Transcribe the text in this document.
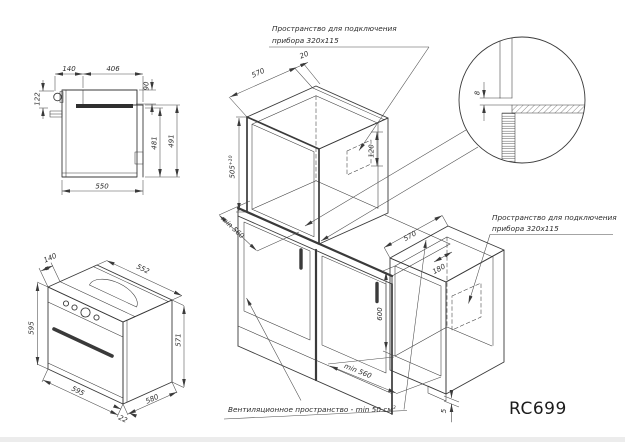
140	406
90
122
481 491
550
140
552
595
571
595
580
22
570
20
$505^{+10}$
120
min 560	570
180
600
min 560
5
8
Пространство для подключения
прибора 320х115
Пространство для подключения
прибора 320х115
Вентиляционное пространство - min 50 $см^3$	RC699
